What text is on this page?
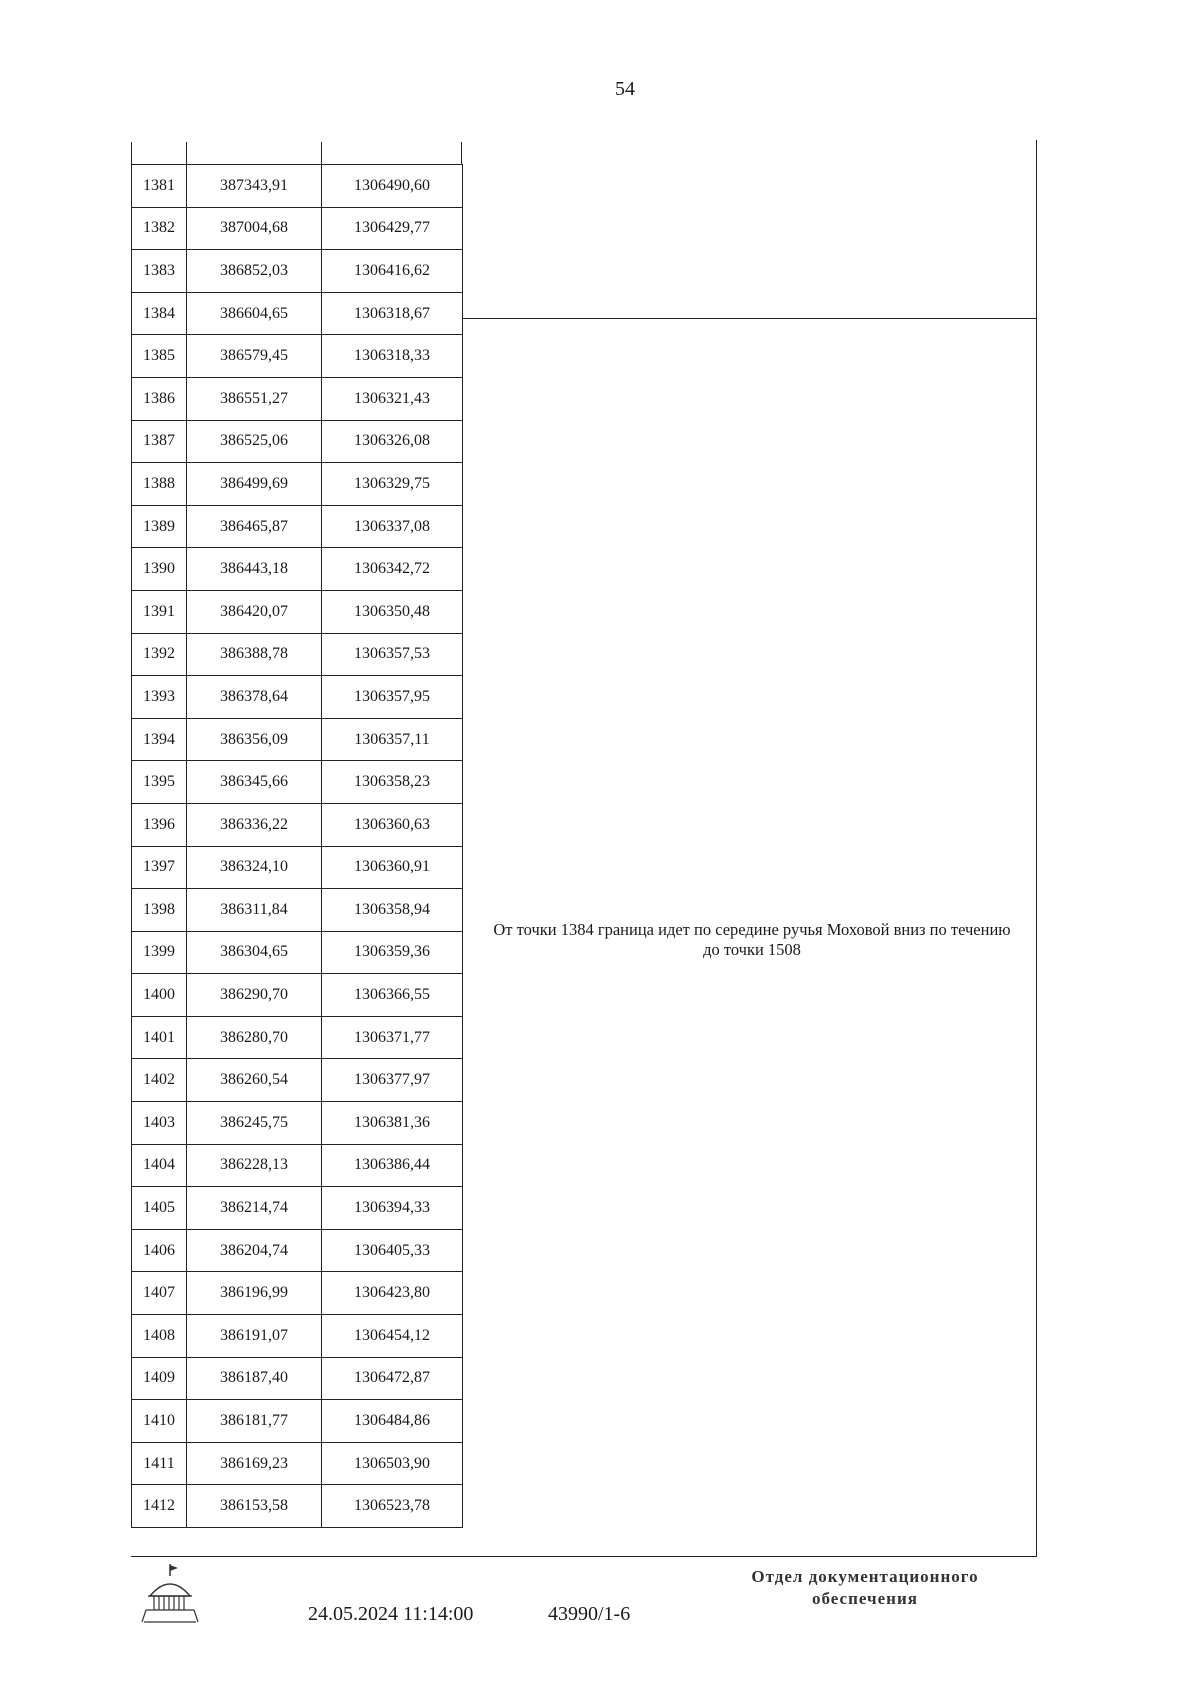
54
1381	387343,91	1306490,60
1382	387004,68	1306429,77
1383	386852,03	1306416,62
1384	386604,65	1306318,67
1385	386579,45	1306318,33
1386	386551,27	1306321,43
1387	386525,06	1306326,08
1388	386499,69	1306329,75
1389	386465,87	1306337,08
1390	386443,18	1306342,72
1391	386420,07	1306350,48
1392	386388,78	1306357,53
1393	386378,64	1306357,95
1394	386356,09	1306357,11
1395	386345,66	1306358,23
1396	386336,22	1306360,63
1397	386324,10	1306360,91
1398	386311,84	1306358,94
1399	386304,65	1306359,36
1400	386290,70	1306366,55
1401	386280,70	1306371,77
1402	386260,54	1306377,97
1403	386245,75	1306381,36
1404	386228,13	1306386,44
1405	386214,74	1306394,33
1406	386204,74	1306405,33
1407	386196,99	1306423,80
1408	386191,07	1306454,12
1409	386187,40	1306472,87
1410	386181,77	1306484,86
1411	386169,23	1306503,90
1412	386153,58	1306523,78
От точки 1384 граница идет по середине ручья Моховой вниз по течению до точки 1508
24.05.2024 11:14:00	43990/1-6
Отдел документационного
обеспечения
